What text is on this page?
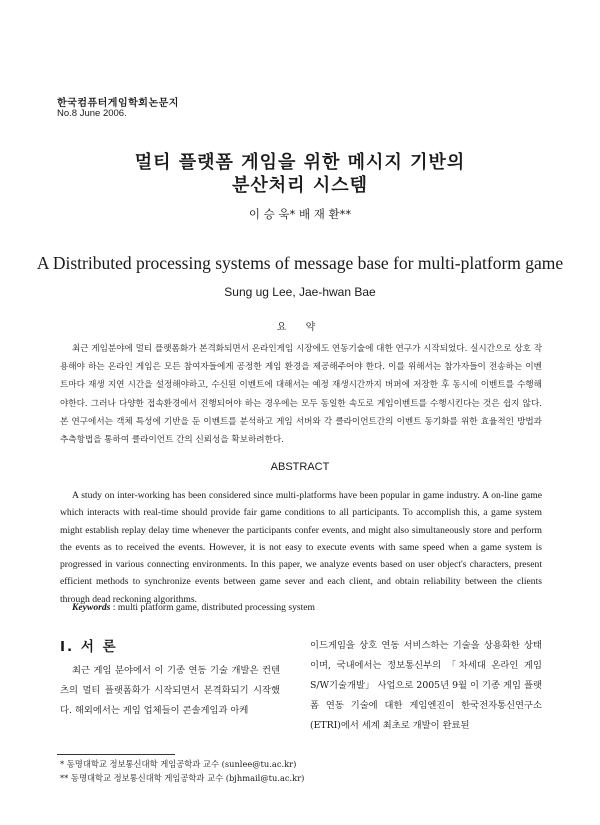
한국컴퓨터게임학회논문지
No.8 June 2006.
멀티 플랫폼 게임을 위한 메시지 기반의
분산처리 시스템
이 승 욱* 배 재 환**
A Distributed processing systems of message base for multi-platform game
Sung ug Lee, Jae-hwan Bae
요 약
최근 게임분야에 멀티 플랫폼화가 본격화되면서 온라인게임 시장에도 연동기술에 대한 연구가 시작되었다. 실시간으로 상호 작용해야 하는 온라인 게임은 모든 참여자들에게 공정한 게임 환경을 제공해주어야 한다. 이를 위해서는 참가자들이 전송하는 이벤트마다 재생 지연 시간을 설정해야하고, 수신된 이벤트에 대해서는 예정 재생시간까지 버퍼에 저장한 후 동시에 이벤트를 수행해야한다. 그러나 다양한 접속환경에서 진행되어야 하는 경우에는 모두 동일한 속도로 게임이벤트를 수행시킨다는 것은 쉽지 않다. 본 연구에서는 객체 특성에 기반을 둔 이벤트를 분석하고 게임 서버와 각 클라이언트간의 이벤트 동기화를 위한 효율적인 방법과 추측항법을 통하여 클라이언트 간의 신뢰성을 확보하려한다.
ABSTRACT
A study on inter-working has been considered since multi-platforms have been popular in game industry. A on-line game which interacts with real-time should provide fair game conditions to all participants. To accomplish this, a game system might establish replay delay time whenever the participants confer events, and might also simultaneously store and perform the events as to received the events. However, it is not easy to execute events with same speed when a game system is progressed in various connecting environments. In this paper, we analyze events based on user object's characters, present efficient methods to synchronize events between game sever and each client, and obtain reliability between the clients through dead reckoning algorithms.
Keywords : multi platform game, distributed processing system
Ⅰ. 서 론
최근 게임 분야에서 이 기종 연동 기술 개발은 컨텐츠의 멀티 플랫폼화가 시작되면서 본격화되기 시작했다. 해외에서는 게임 업체들이 콘솔게임과 아케
이드게임을 상호 연동 서비스하는 기술을 상용화한 상태이며, 국내에서는 정보통신부의 「차세대 온라인 게임 S/W기술개발」 사업으로 2005년 9월 이 기종 게임 플랫폼 연동 기술에 대한 게임엔진이 한국전자통신연구소(ETRI)에서 세계 최초로 개발이 완료된
* 동명대학교 정보통신대학 게임공학과 교수 (sunlee@tu.ac.kr)
** 동명대학교 정보통신대학 게임공학과 교수 (bjhmail@tu.ac.kr)
